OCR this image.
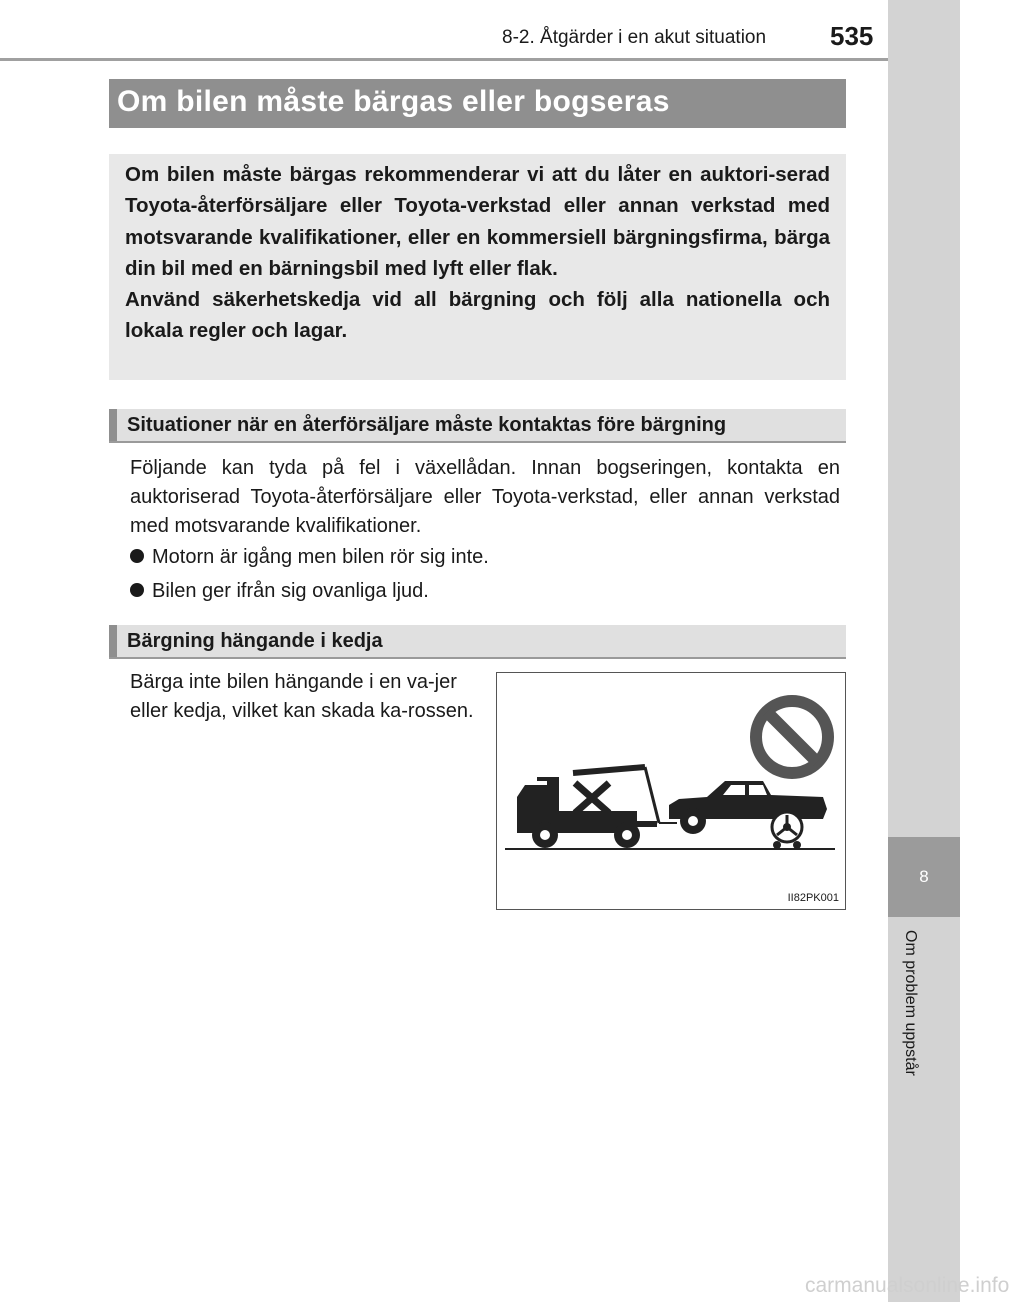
8-2. Åtgärder i en akut situation 535
8
Om problem uppstår
Om bilen måste bärgas eller bogseras

Om bilen måste bärgas rekommenderar vi att du låter en auktori-serad Toyota-återförsäljare eller Toyota-verkstad eller annan verkstad med motsvarande kvalifikationer, eller en kommersiell bärgningsfirma, bärga din bil med en bärningsbil med lyft eller flak.

Använd säkerhetskedja vid all bärgning och följ alla nationella och lokala regler och lagar.

Situationer när en återförsäljare måste kontaktas före bärgning

Följande kan tyda på fel i växellådan. Innan bogseringen, kontakta en auktoriserad Toyota-återförsäljare eller Toyota-verkstad, eller annan verkstad med motsvarande kvalifikationer.

Motorn är igång men bilen rör sig inte.
Bilen ger ifrån sig ovanliga ljud.
Bärgning hängande i kedja

Bärga inte bilen hängande i en va-jer eller kedja, vilket kan skada ka-rossen.

II82PK001
carmanualsonline.info
